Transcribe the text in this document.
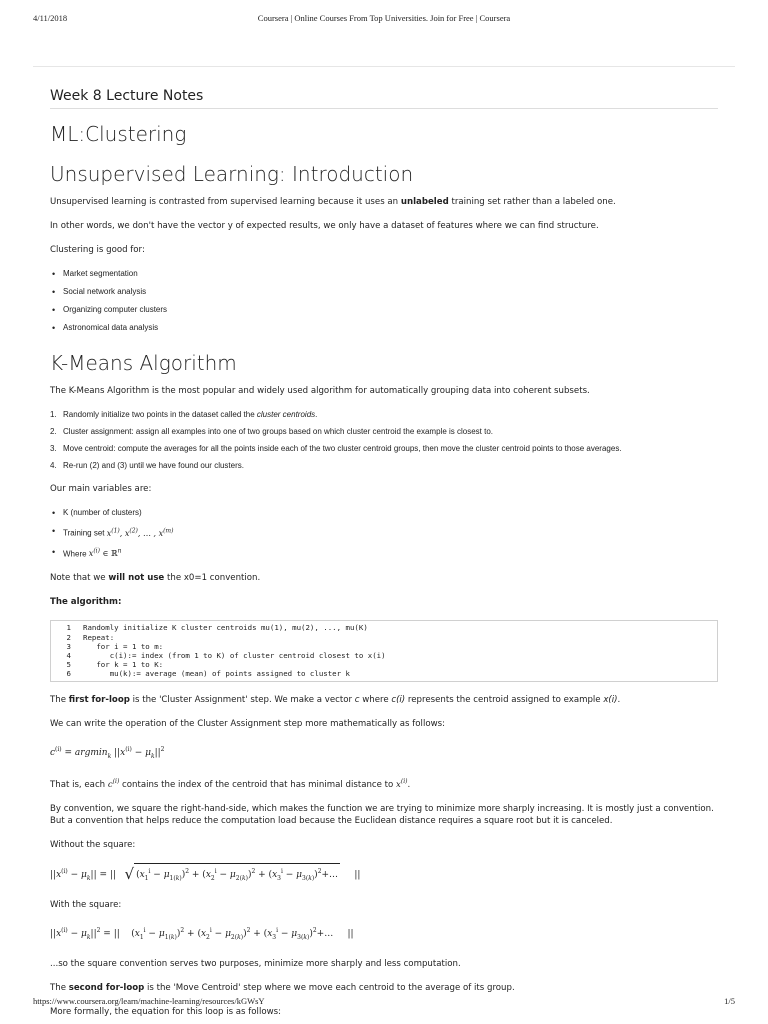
4/11/2018	Coursera | Online Courses From Top Universities. Join for Free | Coursera
Week 8 Lecture Notes
ML:Clustering
Unsupervised Learning: Introduction

Unsupervised learning is contrasted from supervised learning because it uses an unlabeled training set rather than a labeled one.

In other words, we don't have the vector y of expected results, we only have a dataset of features where we can find structure.

Clustering is good for:

• Market segmentation
• Social network analysis
• Organizing computer clusters
• Astronomical data analysis
K-Means Algorithm

The K-Means Algorithm is the most popular and widely used algorithm for automatically grouping data into coherent subsets.

1. Randomly initialize two points in the dataset called the cluster centroids.
2. Cluster assignment: assign all examples into one of two groups based on which cluster centroid the example is closest to.
3. Move centroid: compute the averages for all the points inside each of the two cluster centroid groups, then move the cluster centroid points to those averages.
4. Re-run (2) and (3) until we have found our clusters.

Our main variables are:

• K (number of clusters)
• Training set $x^{(1)}$, $x^{(2)}$, … , $x^{(m)}$
• Where $x^{(i)}$ ∈ ℝ$^n$

Note that we will not use the x0=1 convention.

The algorithm:

1	Randomly initialize K cluster centroids mu(1), mu(2), ..., mu(K)
2	Repeat:
3	for i = 1 to m:
4	c(i):= index (from 1 to K) of cluster centroid closest to x(i)
5	for k = 1 to K:
6	mu(k):= average (mean) of points assigned to cluster k

The first for-loop is the 'Cluster Assignment' step. We make a vector c where c(i) represents the centroid assigned to example x(i).

We can write the operation of the Cluster Assignment step more mathematically as follows:

$c^{(i)} = argmin_k$ $||x^{(i)} - \mu_k||^2$

That is, each $c^{(i)}$ contains the index of the centroid that has minimal distance to $x^{(i)}$.

By convention, we square the right-hand-side, which makes the function we are trying to minimize more sharply increasing. It is mostly just a convention. But a convention that helps reduce the computation load because the Euclidean distance requires a square root but it is canceled.

Without the square:

$||x^{(i)} - \mu_k||$ = ||   √ $(x_1^i - \mu_{1(k)})^2 + (x_2^i - \mu_{2(k)})^2 + (x_3^i$ − $\mu_{3(k)})^2+\dots$     ||

With the square:

$||x^{(i)} - \mu_k||^2$ = ||    $(x_1^i - \mu_{1(k)})^2 + (x_2^i - \mu_{2(k)})^2 + (x_3^i$ − $\mu_{3(k)})^2+\dots$     ||

...so the square convention serves two purposes, minimize more sharply and less computation.

The second for-loop is the 'Move Centroid' step where we move each centroid to the average of its group.

More formally, the equation for this loop is as follows:

https://www.coursera.org/learn/machine-learning/resources/kGWsY	1/5
